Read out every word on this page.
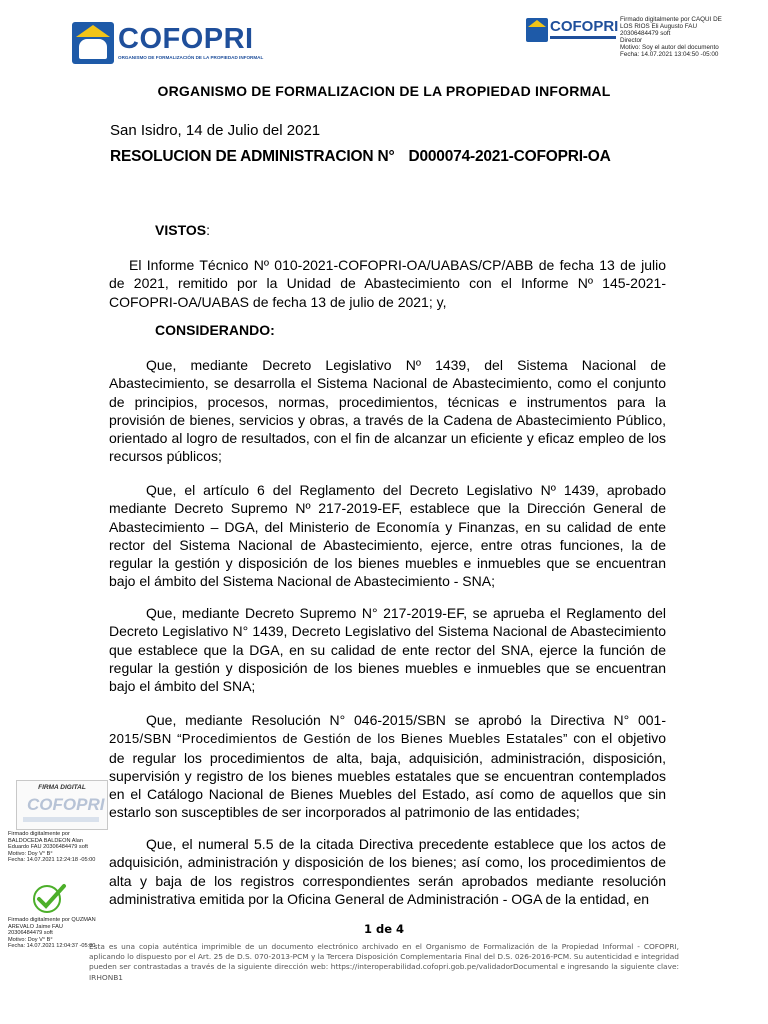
COFOPRI
ORGANISMO DE FORMALIZACIÓN DE LA PROPIEDAD INFORMAL
COFOPRI Firmado digitalmente por CAQUI DE
LOS RIOS Eli Augusto FAU
20306484479 soft
Director
Motivo: Soy el autor del documento
Fecha: 14.07.2021 13:04:50 -05:00
ORGANISMO DE FORMALIZACION DE LA PROPIEDAD INFORMAL
San Isidro, 14 de Julio del 2021
RESOLUCION DE ADMINISTRACION N° D000074-2021-COFOPRI-OA
VISTOS:

El Informe Técnico Nº 010-2021-COFOPRI-OA/UABAS/CP/ABB de fecha 13 de julio de 2021, remitido por la Unidad de Abastecimiento con el Informe Nº 145-2021-COFOPRI-OA/UABAS de fecha 13 de julio de 2021; y,

CONSIDERANDO:

Que, mediante Decreto Legislativo Nº 1439, del Sistema Nacional de Abastecimiento, se desarrolla el Sistema Nacional de Abastecimiento, como el conjunto de principios, procesos, normas, procedimientos, técnicas e instrumentos para la provisión de bienes, servicios y obras, a través de la Cadena de Abastecimiento Público, orientado al logro de resultados, con el fin de alcanzar un eficiente y eficaz empleo de los recursos públicos;

Que, el artículo 6 del Reglamento del Decreto Legislativo Nº 1439, aprobado mediante Decreto Supremo Nº 217-2019-EF, establece que la Dirección General de Abastecimiento – DGA, del Ministerio de Economía y Finanzas, en su calidad de ente rector del Sistema Nacional de Abastecimiento, ejerce, entre otras funciones, la de regular la gestión y disposición de los bienes muebles e inmuebles que se encuentran bajo el ámbito del Sistema Nacional de Abastecimiento - SNA;

Que, mediante Decreto Supremo N° 217-2019-EF, se aprueba el Reglamento del Decreto Legislativo N° 1439, Decreto Legislativo del Sistema Nacional de Abastecimiento que establece que la DGA, en su calidad de ente rector del SNA, ejerce la función de regular la gestión y disposición de los bienes muebles e inmuebles que se encuentran bajo el ámbito del SNA;

Que, mediante Resolución N° 046-2015/SBN se aprobó la Directiva N° 001- 2015/SBN “Procedimientos de Gestión de los Bienes Muebles Estatales” con el objetivo de regular los procedimientos de alta, baja, adquisición, administración, disposición, supervisión y registro de los bienes muebles estatales que se encuentran contemplados en el Catálogo Nacional de Bienes Muebles del Estado, así como de aquellos que sin estarlo son susceptibles de ser incorporados al patrimonio de las entidades;

Que, el numeral 5.5 de la citada Directiva precedente establece que los actos de adquisición, administración y disposición de los bienes; así como, los procedimientos de alta y baja de los registros correspondientes serán aprobados mediante resolución administrativa emitida por la Oficina General de Administración - OGA de la entidad, en

FIRMA DIGITAL
COFOPRI
Firmado digitalmente por
BALDOCEDA BALDEON Alan
Eduardo FAU 20306484479 soft
Motivo: Doy V° B°
Fecha: 14.07.2021 12:24:18 -05:00
Firmado digitalmente por QUZMAN
AREVALO Jaime FAU
20306484479 soft
Motivo: Doy V° B°
Fecha: 14.07.2021 12:04:37 -05:00
1 de 4

Esta es una copia auténtica imprimible de un documento electrónico archivado en el Organismo de Formalización de la Propiedad Informal - COFOPRI, aplicando lo dispuesto por el Art. 25 de D.S. 070-2013-PCM y la Tercera Disposición Complementaria Final del D.S. 026-2016-PCM. Su autenticidad e integridad pueden ser contrastadas a través de la siguiente dirección web: https://interoperabilidad.cofopri.gob.pe/validadorDocumental e ingresando la siguiente clave: IRHONB1
